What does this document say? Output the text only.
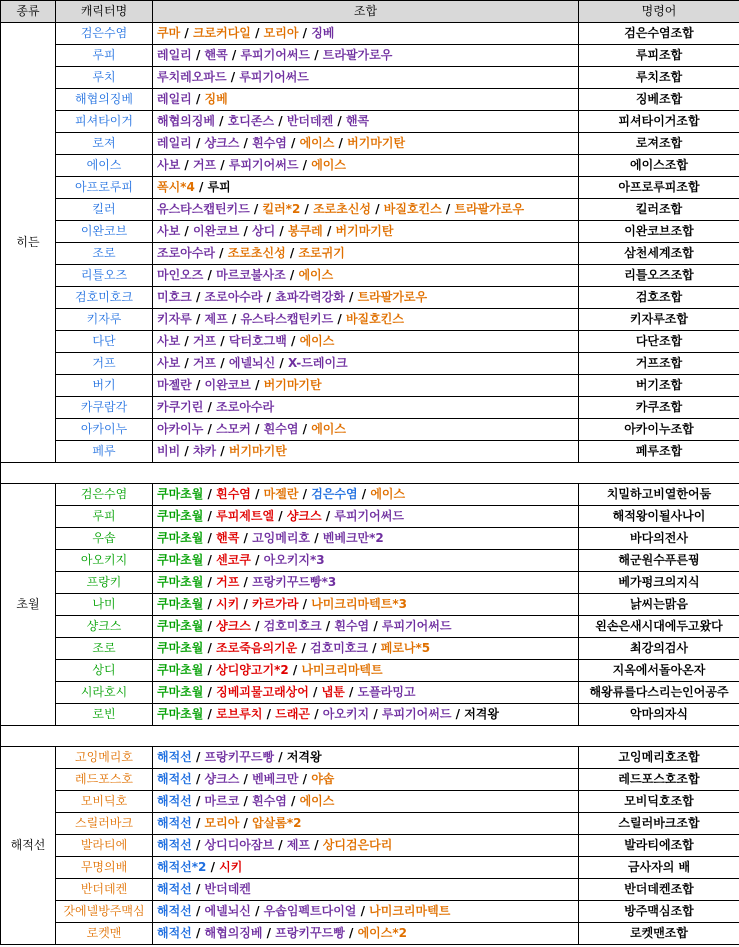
종류	캐릭터명	조합	명령어
히든	검은수염	쿠마 / 크로커다일 / 모리아 / 징베	검은수염조합
	루피	레일리 / 핸콕 / 루피기어써드 / 트라팔가로우	루피조합
	루치	루치레오파드 / 루피기어써드	루치조합
	해협의징베	레일리 / 징베	징베조합
	피셔타이거	해협의징베 / 호디존스 / 반더데켄 / 핸콕	피셔타이거조합
	로져	레일리 / 샹크스 / 흰수염 / 에이스 / 버기마기탄	로져조합
	에이스	사보 / 거프 / 루피기어써드 / 에이스	에이스조합
	아프로루피	폭시*4 / 루피	아프로루피조합
	킬러	유스타스캡틴키드 / 킬러*2 / 조로초신성 / 바질호킨스 / 트라팔가로우	킬러조합
	이완코브	사보 / 이완코브 / 상디 / 봉쿠레 / 버기마기탄	이완코브조합
	조로	조로아수라 / 조로초신성 / 조로귀기	삼천세계조합
	리틀오즈	마인오즈 / 마르코불사조 / 에이스	리틀오즈조합
	검호미호크	미호크 / 조로아수라 / 쵸파각력강화 / 트라팔가로우	검호조합
	키자루	키자루 / 제프 / 유스타스캡틴키드 / 바질호킨스	키자루조합
	다단	사보 / 거프 / 닥터호그백 / 에이스	다단조합
	거프	사보 / 거프 / 에넬뇌신 / X-드레이크	거프조합
	버기	마젤란 / 이완코브 / 버기마기탄	버기조합
	카쿠람각	카쿠기린 / 조로아수라	카쿠조합
	아카이누	아카이누 / 스모커 / 흰수염 / 에이스	아카이누조합
	페루	비비 / 챠카 / 버기마기탄	페루조합

초월	검은수염	쿠마초월 / 흰수염 / 마젤란 / 검은수염 / 에이스	치밀하고비열한어둠
	루피	쿠마초월 / 루피제트엘 / 샹크스 / 루피기어써드	해적왕이될사나이
	우솝	쿠마초월 / 핸콕 / 고잉메리호 / 벤베크만*2	바다의전사
	아오키지	쿠마초월 / 센코쿠 / 아오키지*3	해군원수푸른꿩
	프랑키	쿠마초월 / 거프 / 프랑키꾸드빵*3	베가펑크의지식
	나미	쿠마초월 / 시키 / 카르가라 / 나미크리마텍트*3	낡씨는맑음
	샹크스	쿠마초월 / 샹크스 / 검호미호크 / 흰수염 / 루피기어써드	왼손은새시대에두고왔다
	조로	쿠마초월 / 조로죽음의기운 / 검호미호크 / 페로나*5	최강의검사
	상디	쿠마초월 / 상디양고기*2 / 나미크리마텍트	지옥에서돌아온자
	시라호시	쿠마초월 / 징베괴물고래상어 / 냅툰 / 도플라밍고	해왕류를다스리는인어공주
	로빈	쿠마초월 / 로브루치 / 드래곤 / 아오키지 / 루피기어써드 / 저격왕	악마의자식

해적선	고잉메리호	해적선 / 프랑키꾸드빵 / 저격왕	고잉메리호조합
	레드포스호	해적선 / 샹크스 / 벤베크만 / 야솝	레드포스호조합
	모비딕호	해적선 / 마르코 / 흰수염 / 에이스	모비딕호조합
	스릴러바크	해적선 / 모리아 / 압살롬*2	스릴러바크조합
	발라티에	해적선 / 상디디아잠브 / 제프 / 상디검은다리	발라티에조합
	무명의배	해적선*2 / 시키	금사자의 배
	반더데켄	해적선 / 반더데켄	반더데켄조합
	갓에넬방주맥심	해적선 / 에넬뇌신 / 우솝임펙트다이얼 / 나미크리마텍트	방주맥심조합
	로켓맨	해적선 / 해협의징베 / 프랑키꾸드빵 / 에이스*2	로켓맨조합
